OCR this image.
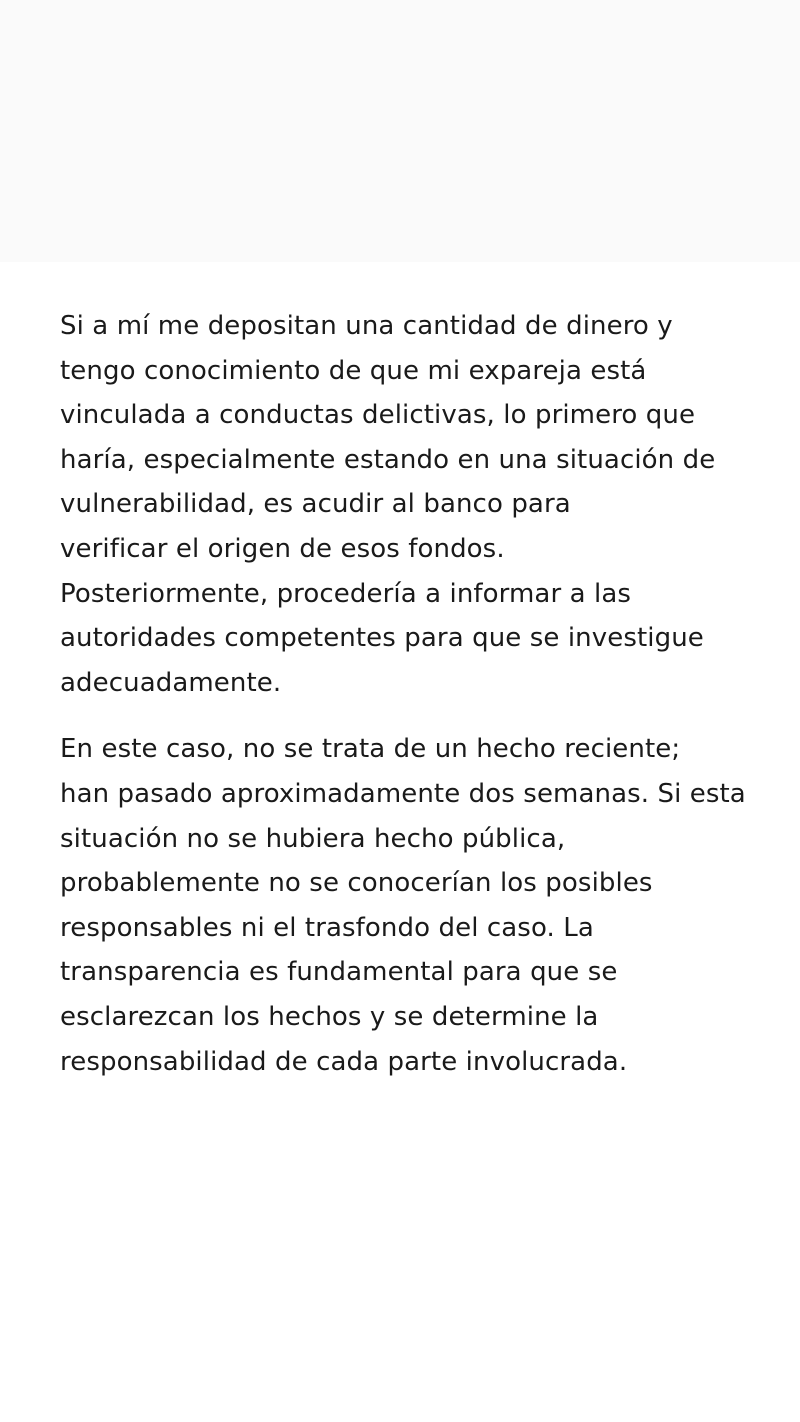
Si a mí me depositan una cantidad de dinero y
tengo conocimiento de que mi expareja está
vinculada a conductas delictivas, lo primero que
haría, especialmente estando en una situación de
vulnerabilidad, es acudir al banco para
verificar el origen de esos fondos.
Posteriormente, procedería a informar a las
autoridades competentes para que se investigue
adecuadamente.
En este caso, no se trata de un hecho reciente;
han pasado aproximadamente dos semanas. Si esta
situación no se hubiera hecho pública,
probablemente no se conocerían los posibles
responsables ni el trasfondo del caso. La
transparencia es fundamental para que se
esclarezcan los hechos y se determine la
responsabilidad de cada parte involucrada.
